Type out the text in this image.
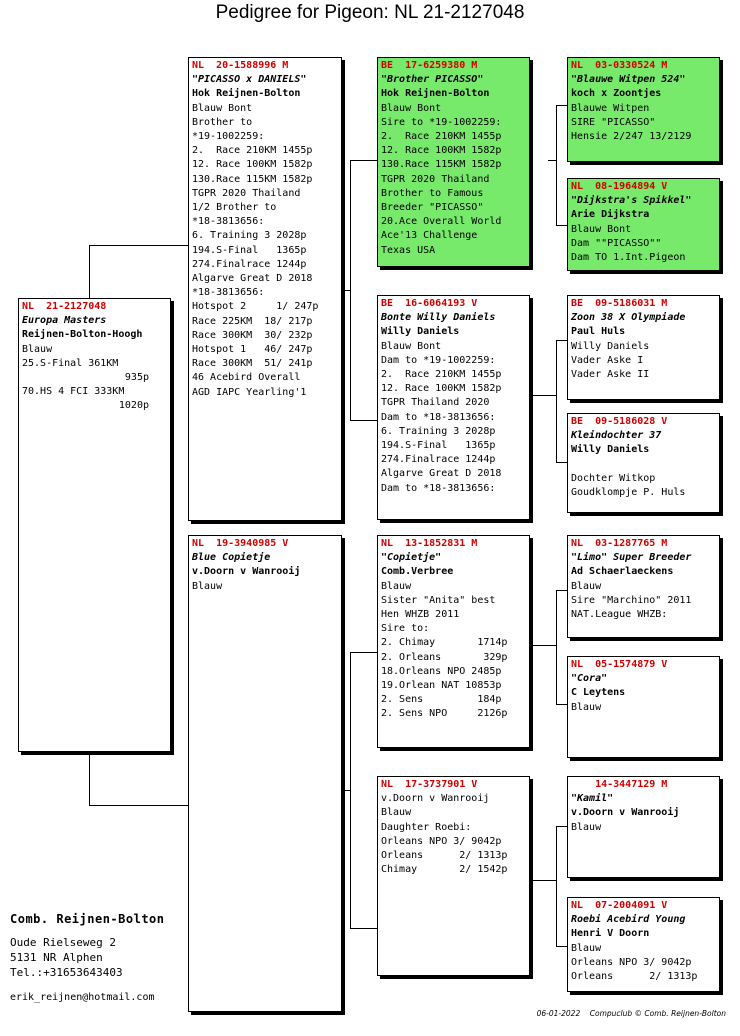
Pedigree for Pigeon: NL 21-2127048
NL  21-2127048
Europa Masters
Reijnen-Bolton-Hoogh
Blauw
25.S-Final 361KM
935p
70.HS 4 FCI 333KM
1020p
NL  20-1588996 M
"PICASSO x DANIELS"
Hok Reijnen-Bolton
Blauw Bont
Brother to
*19-1002259:
2.  Race 210KM 1455p
12. Race 100KM 1582p
130.Race 115KM 1582p
TGPR 2020 Thailand
1/2 Brother to
*18-3813656:
6. Training 3 2028p
194.S-Final   1365p
274.Finalrace 1244p
Algarve Great D 2018
*18-3813656:
Hotspot 2     1/ 247p
Race 225KM  18/ 217p
Race 300KM  30/ 232p
Hotspot 1   46/ 247p
Race 300KM  51/ 241p
46 Acebird Overall
AGD IAPC Yearling'1
NL  19-3940985 V
Blue Copietje
v.Doorn v Wanrooij
Blauw
BE  17-6259380 M
"Brother PICASSO"
Hok Reijnen-Bolton
Blauw Bont
Sire to *19-1002259:
2.  Race 210KM 1455p
12. Race 100KM 1582p
130.Race 115KM 1582p
TGPR 2020 Thailand
Brother to Famous
Breeder "PICASSO"
20.Ace Overall World
Ace'13 Challenge
Texas USA
BE  16-6064193 V
Bonte Willy Daniels
Willy Daniels
Blauw Bont
Dam to *19-1002259:
2.  Race 210KM 1455p
12. Race 100KM 1582p
TGPR Thailand 2020
Dam to *18-3813656:
6. Training 3 2028p
194.S-Final   1365p
274.Finalrace 1244p
Algarve Great D 2018
Dam to *18-3813656:
NL  13-1852831 M
"Copietje"
Comb.Verbree
Blauw
Sister "Anita" best
Hen WHZB 2011
Sire to:
2. Chimay       1714p
2. Orleans       329p
18.Orleans NPO 2485p
19.Orlean NAT 10853p
2. Sens         184p
2. Sens NPO     2126p
NL  17-3737901 V
v.Doorn v Wanrooij
Blauw
Daughter Roebi:
Orleans NPO 3/ 9042p
Orleans      2/ 1313p
Chimay       2/ 1542p
NL  03-0330524 M
"Blauwe Witpen 524"
koch x Zoontjes
Blauwe Witpen
SIRE "PICASSO"
Hensie 2/247 13/2129
NL  08-1964894 V
"Dijkstra's Spikkel"
Arie Dijkstra
Blauw Bont
Dam ""PICASSO""
Dam TO 1.Int.Pigeon
BE  09-5186031 M
Zoon 38 X Olympiade
Paul Huls
Willy Daniels
Vader Aske I
Vader Aske II
BE  09-5186028 V
Kleindochter 37
Willy Daniels
Dochter Witkop
Goudklompje P. Huls
NL  03-1287765 M
"Limo" Super Breeder
Ad Schaerlaeckens
Blauw
Sire "Marchino" 2011
NAT.League WHZB:
NL  05-1574879 V
"Cora"
C Leytens
Blauw
14-3447129 M
"Kamil"
v.Doorn v Wanrooij
Blauw
NL  07-2004091 V
Roebi Acebird Young
Henri V Doorn
Blauw
Orleans NPO 3/ 9042p
Orleans      2/ 1313p
Comb. Reijnen-Bolton
Oude Rielseweg 2
5131 NR Alphen
Tel.:+31653643403
erik_reijnen@hotmail.com
06-01-2022 Compuclub © Comb. Reijnen-Bolton
